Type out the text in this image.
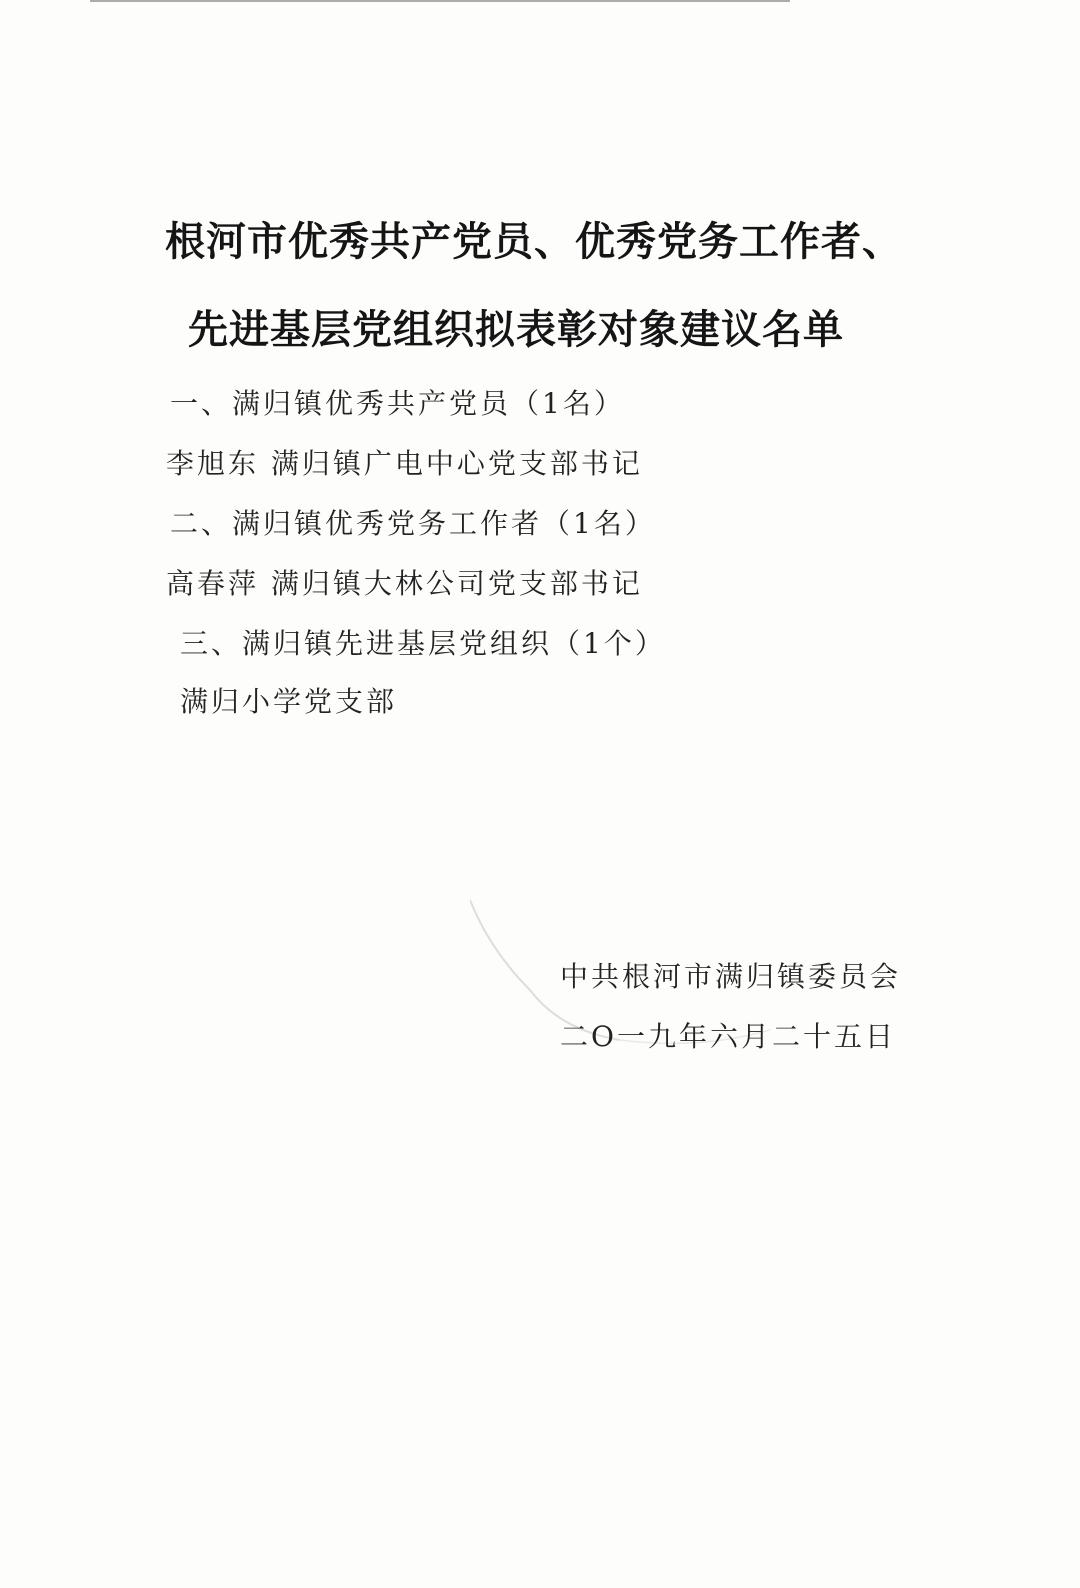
根河市优秀共产党员、优秀党务工作者、
先进基层党组织拟表彰对象建议名单
一、满归镇优秀共产党员（1名）
李旭东 满归镇广电中心党支部书记
二、满归镇优秀党务工作者（1名）
高春萍 满归镇大林公司党支部书记
三、满归镇先进基层党组织（1个）
满归小学党支部
中共根河市满归镇委员会
二O一九年六月二十五日
